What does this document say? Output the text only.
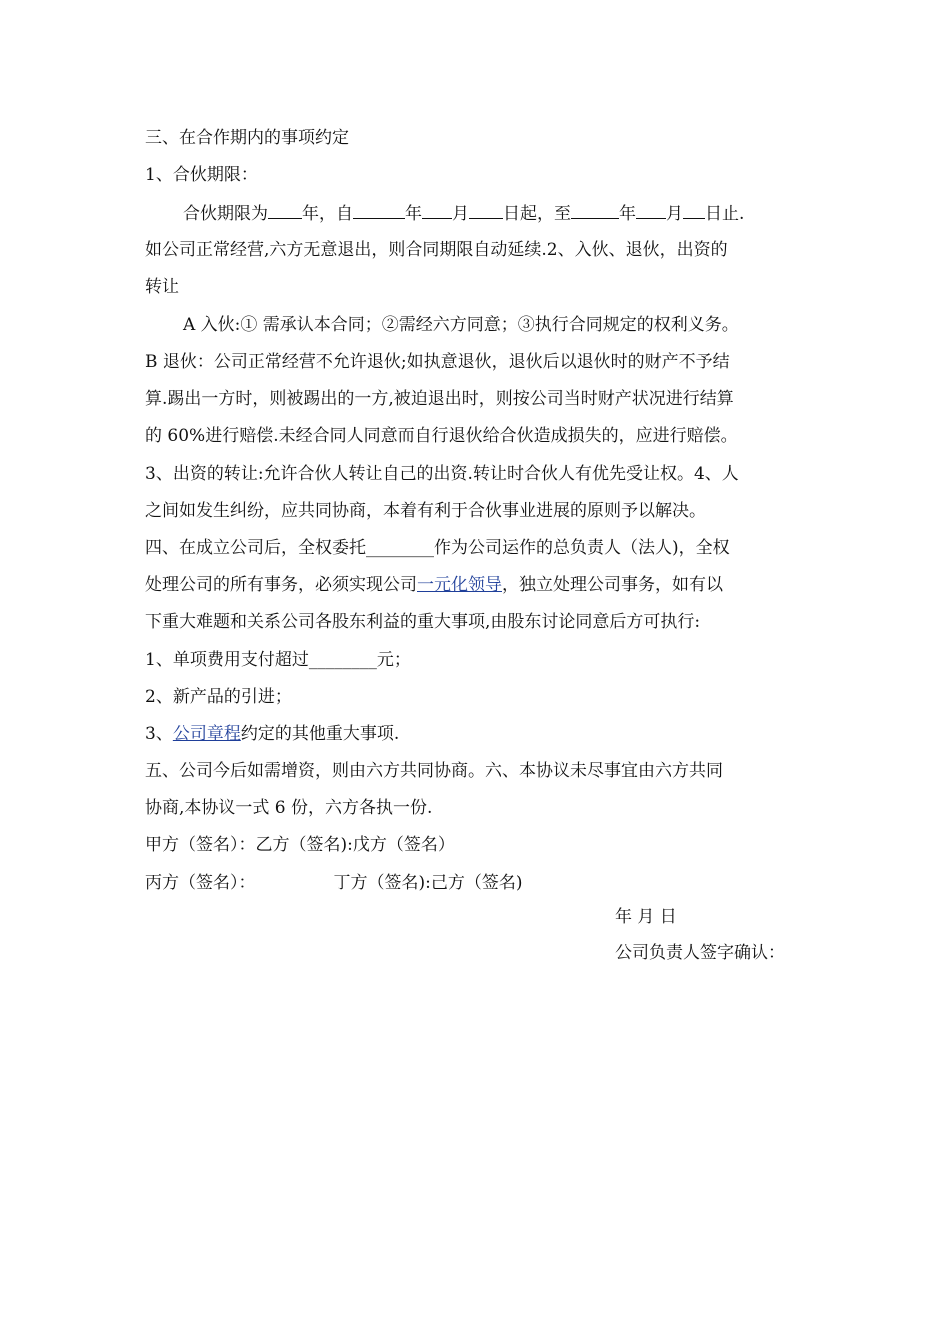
三、在合作期内的事项约定
1、合伙期限：
合伙期限为 年，自	年 月 日起，至	年 月 日止.
如公司正常经营,六方无意退出，则合同期限自动延续.2、入伙、退伙，出资的
转让
A 入伙:① 需承认本合同；②需经六方同意；③执行合同规定的权利义务。
B 退伙：公司正常经营不允许退伙;如执意退伙，退伙后以退伙时的财产不予结
算.踢出一方时，则被踢出的一方,被迫退出时，则按公司当时财产状况进行结算
的 60%进行赔偿.未经合同人同意而自行退伙给合伙造成损失的，应进行赔偿。
3、出资的转让:允许合伙人转让自己的出资.转让时合伙人有优先受让权。4、人
之间如发生纠纷，应共同协商，本着有利于合伙事业进展的原则予以解决。
四、在成立公司后，全权委托________作为公司运作的总负责人（法人)，全权
处理公司的所有事务，必须实现公司一元化领导，独立处理公司事务，如有以
下重大难题和关系公司各股东利益的重大事项,由股东讨论同意后方可执行:
1、单项费用支付超过________元；
2、新产品的引进；
3、公司章程约定的其他重大事项.
五、公司今后如需增资，则由六方共同协商。六、本协议未尽事宜由六方共同
协商,本协议一式 6 份，六方各执一份.
甲方（签名）：乙方（签名):戊方（签名）
丙方（签名）：	丁方（签名):己方（签名)
年 月 日
公司负责人签字确认：
